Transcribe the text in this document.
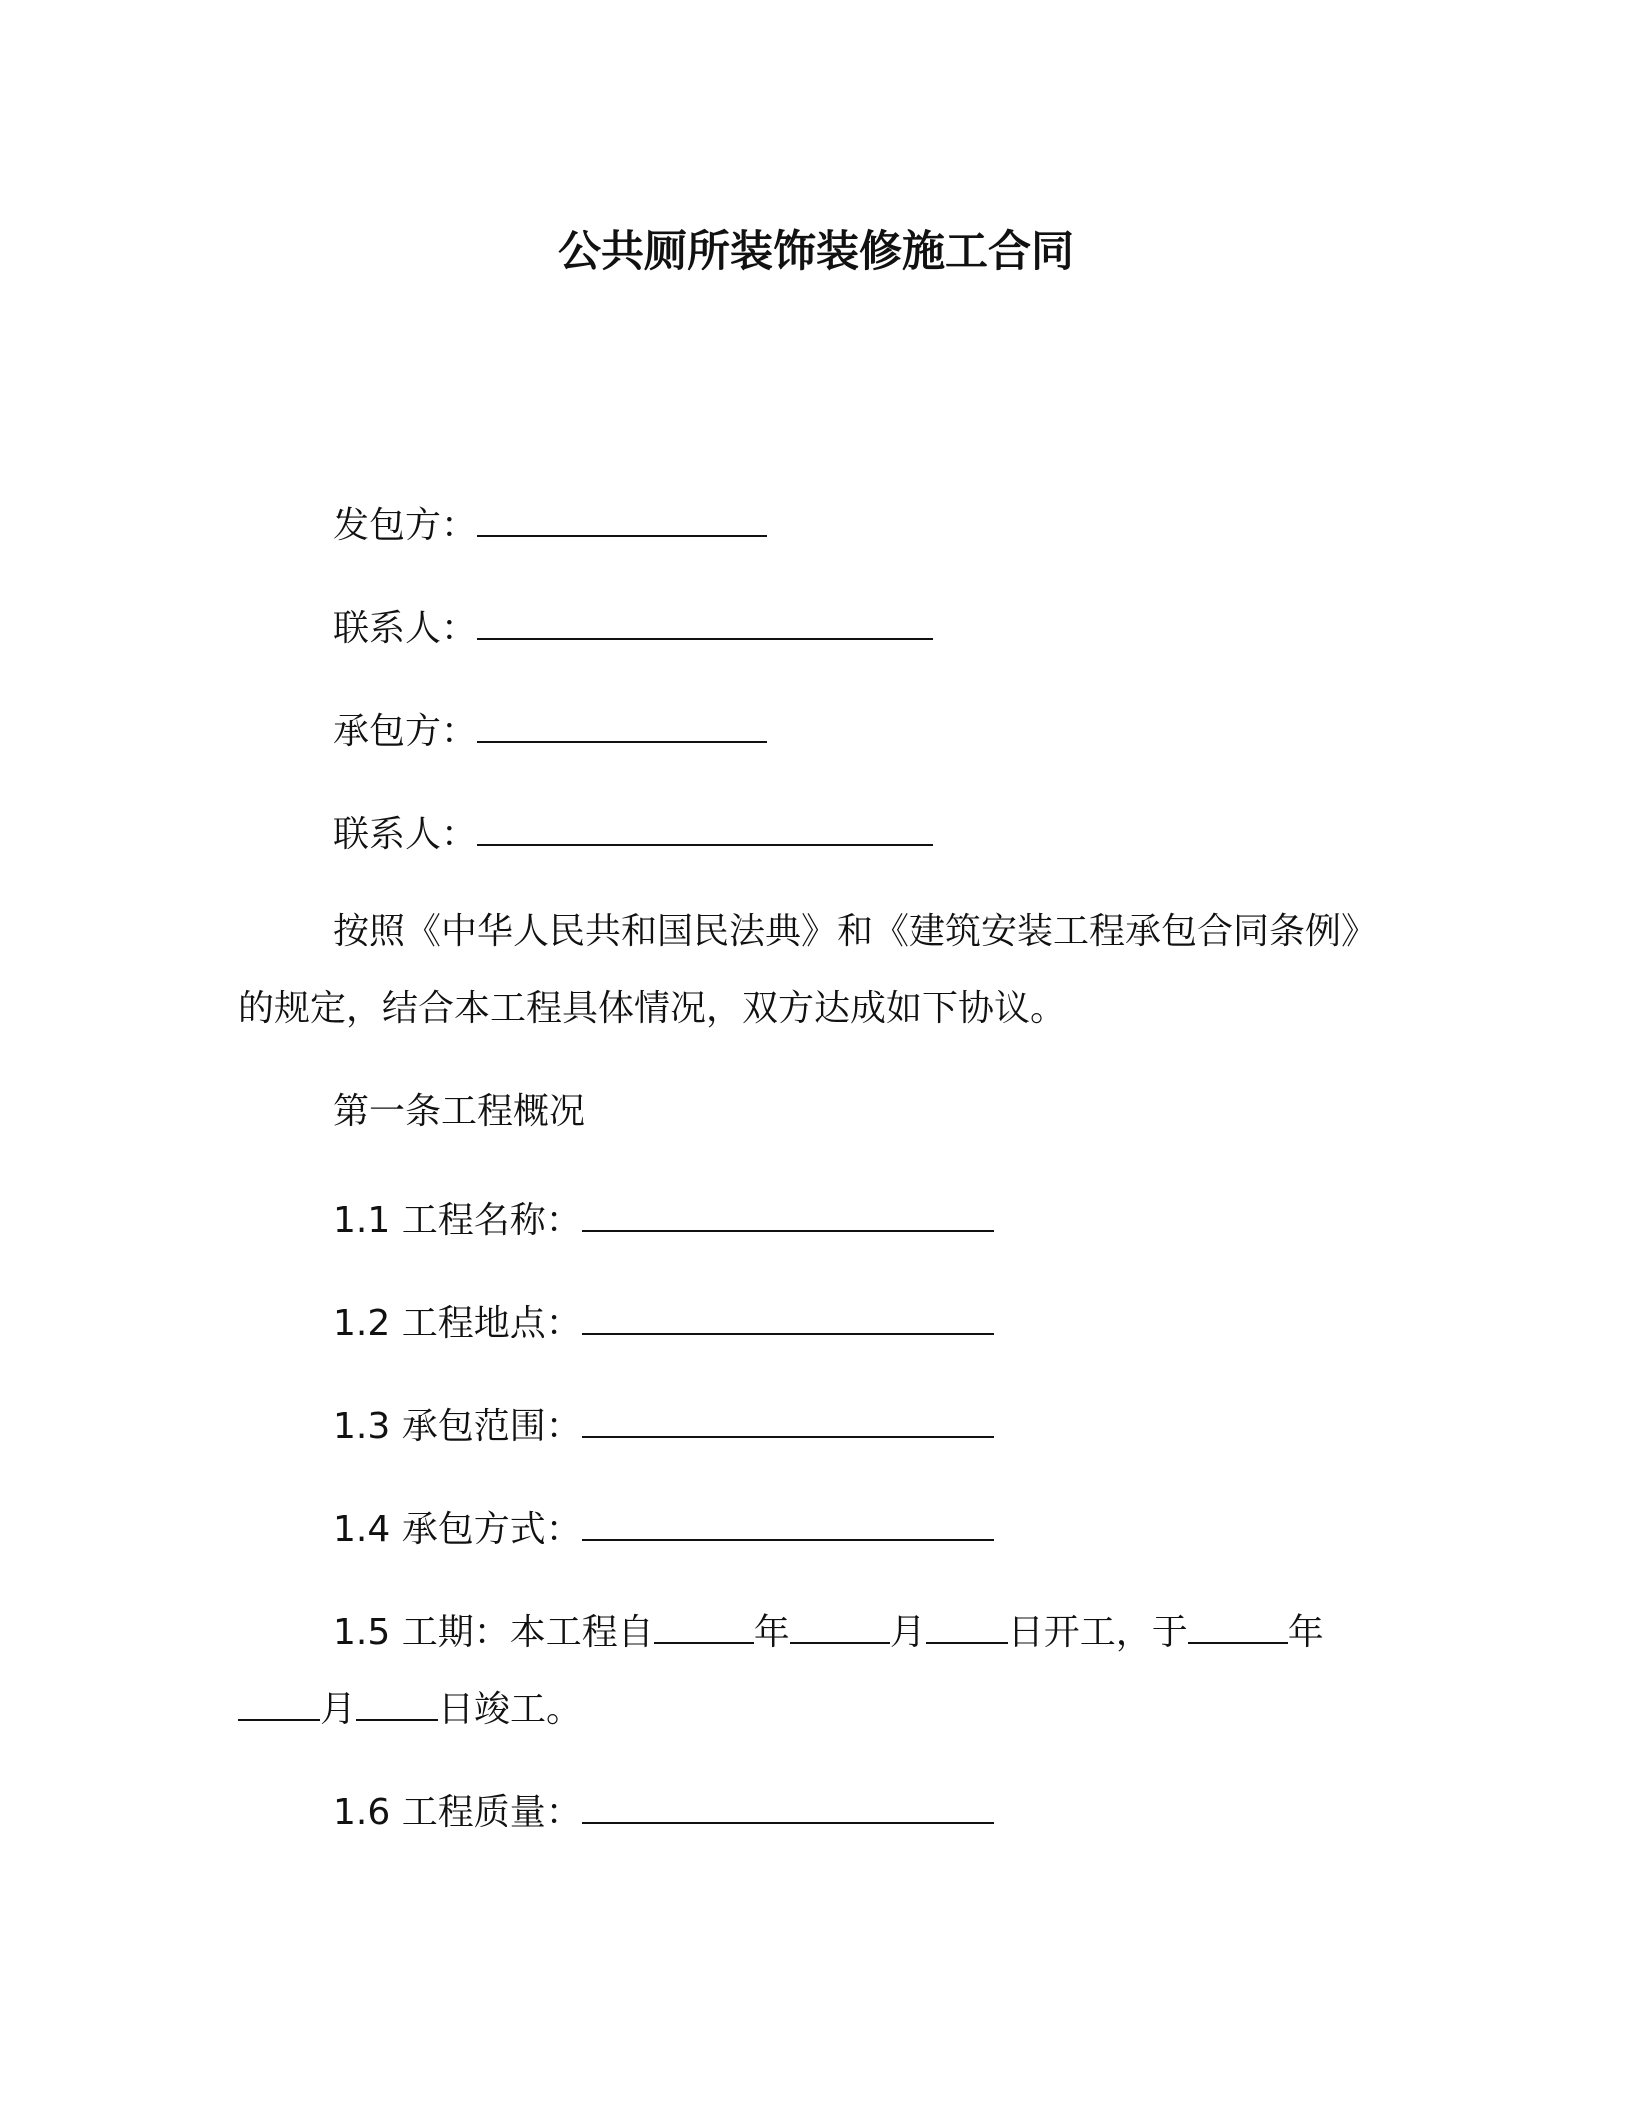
公共厕所装饰装修施工合同
发包方：
联系人：
承包方：
联系人：
按照《中华人民共和国民法典》和《建筑安装工程承包合同条例》
的规定，结合本工程具体情况，双方达成如下协议。
第一条工程概况
1.1 工程名称：
1.2 工程地点：
1.3 承包范围：
1.4 承包方式：
1.5 工期：本工程自	年	月 日开工，于	年
月 日竣工。
1.6 工程质量：
